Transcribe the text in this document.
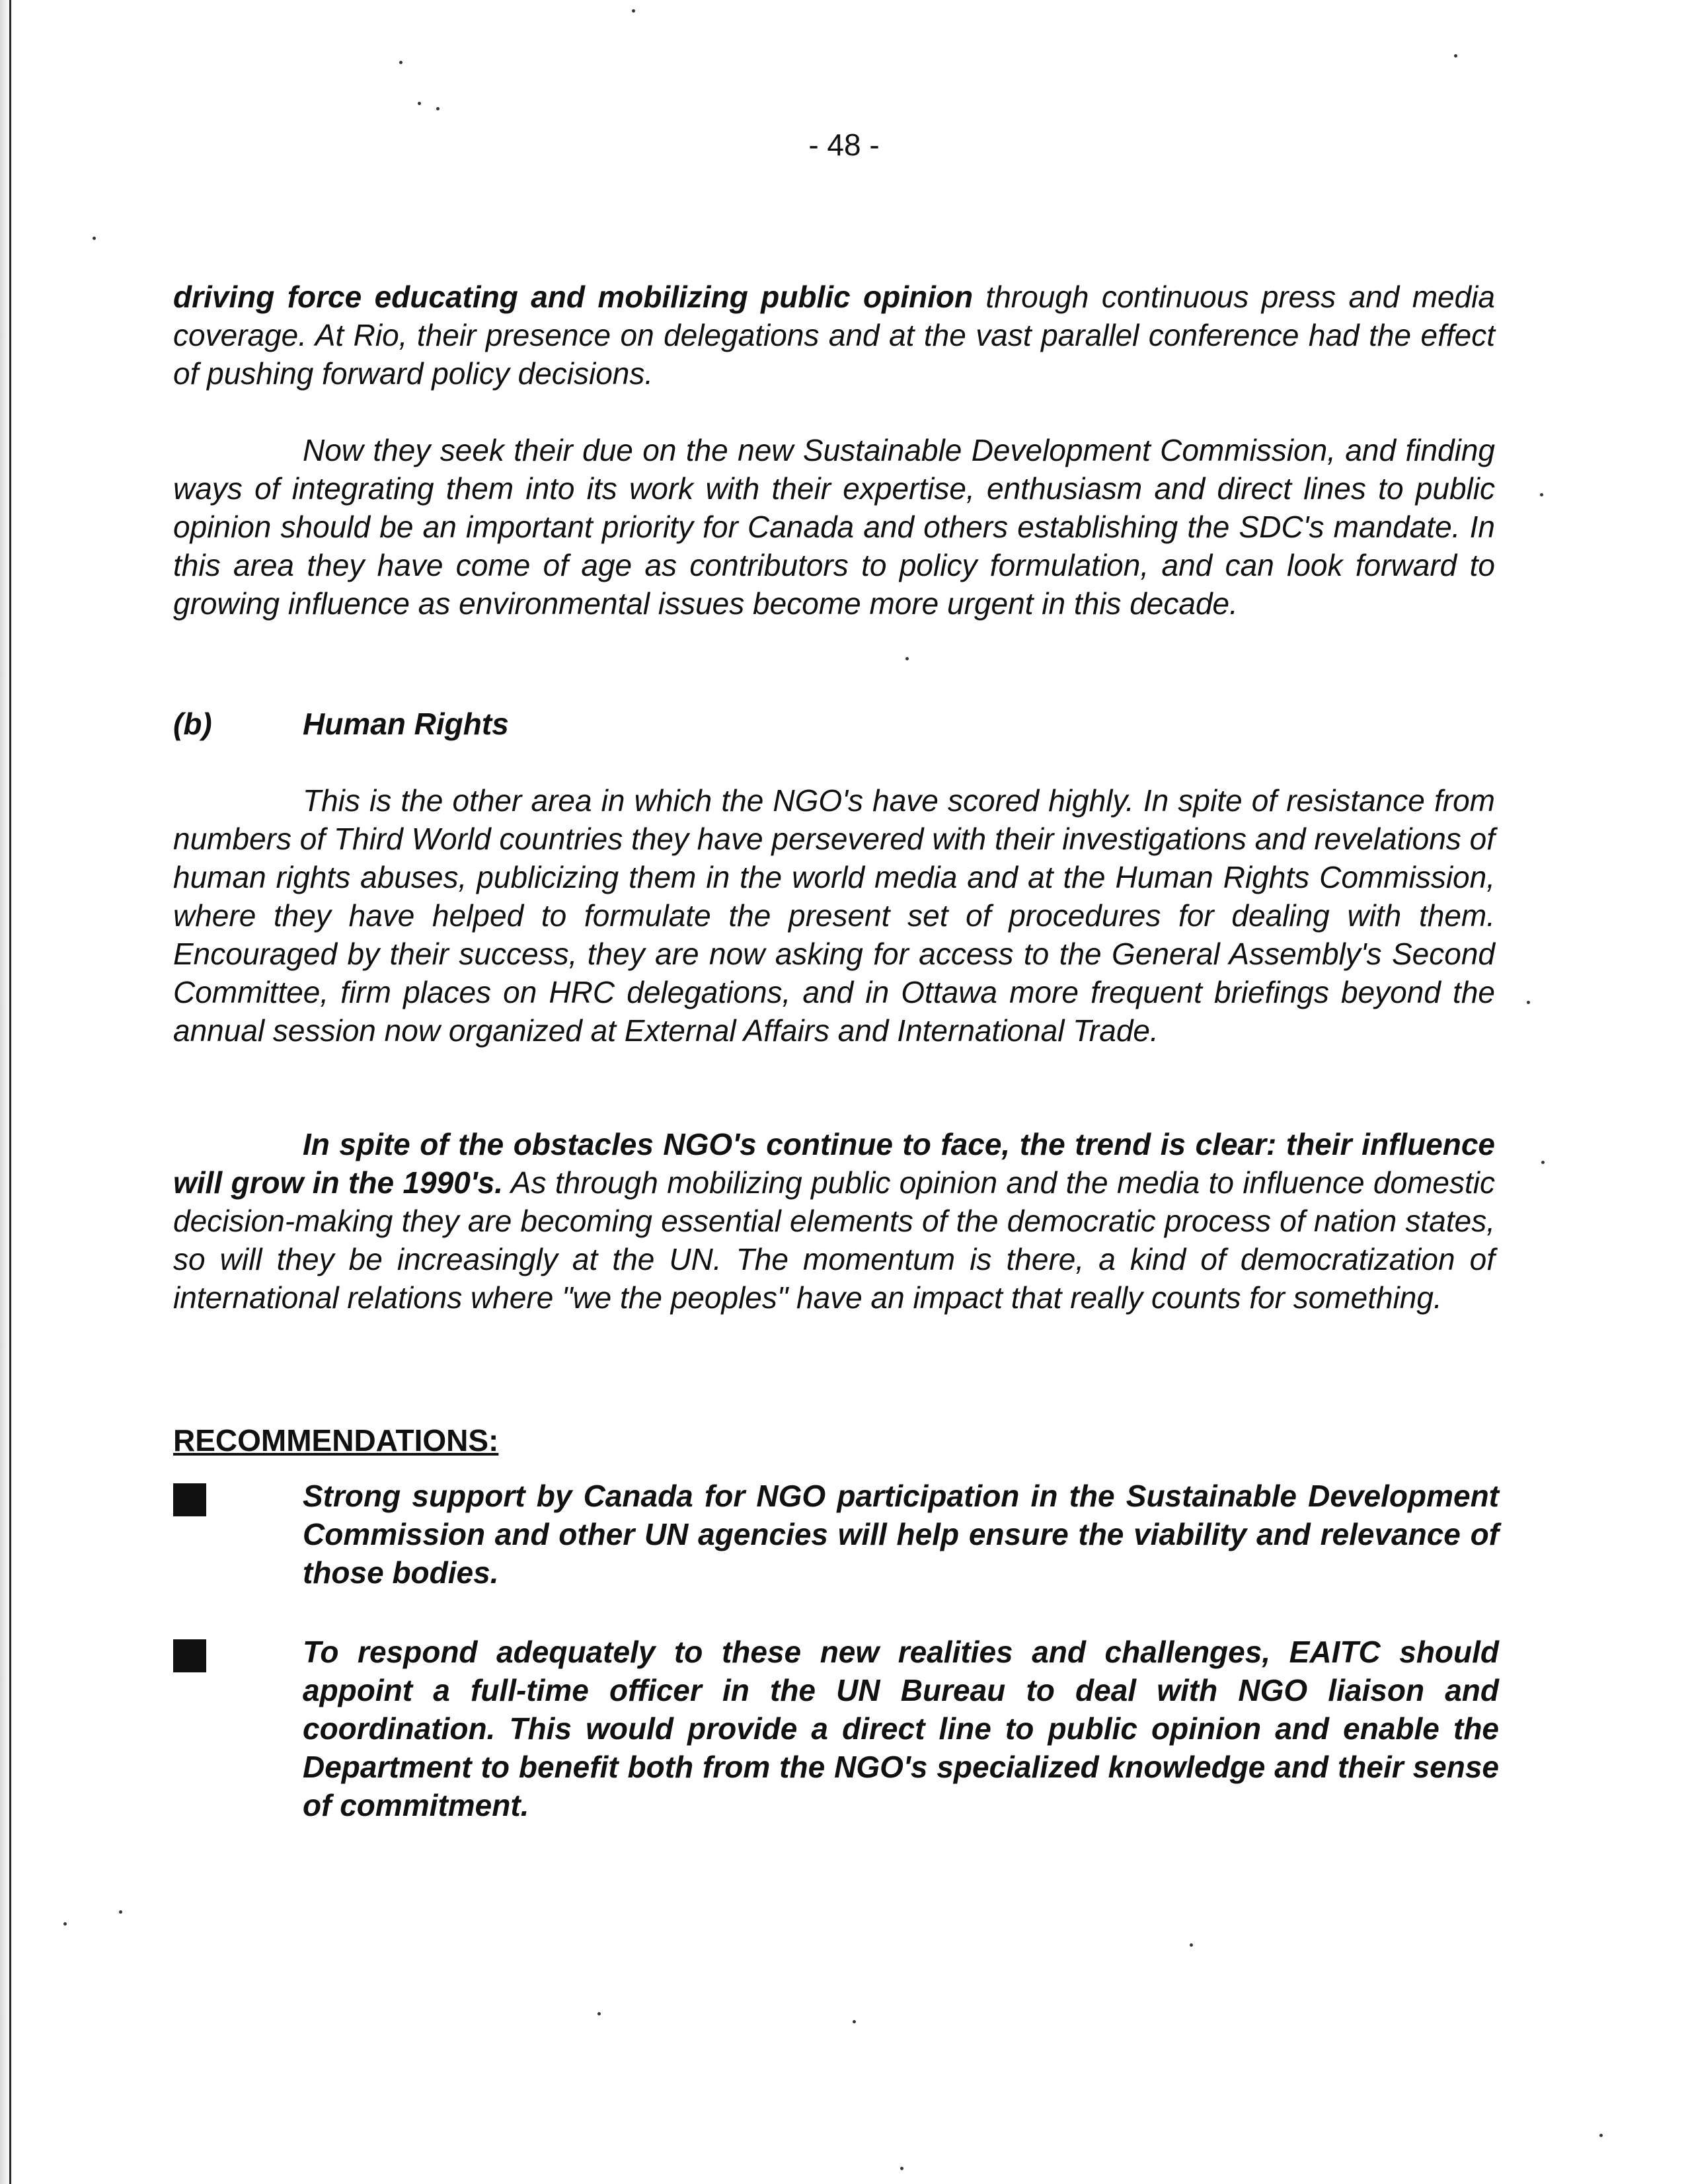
- 48 -

driving force educating and mobilizing public opinion through continuous press and media coverage. At Rio, their presence on delegations and at the vast parallel conference had the effect of pushing forward policy decisions.

Now they seek their due on the new Sustainable Development Commission, and finding ways of integrating them into its work with their expertise, enthusiasm and direct lines to public opinion should be an important priority for Canada and others establishing the SDC's mandate. In this area they have come of age as contributors to policy formulation, and can look forward to growing influence as environmental issues become more urgent in this decade.

(b)	Human Rights

This is the other area in which the NGO's have scored highly. In spite of resistance from numbers of Third World countries they have persevered with their investigations and revelations of human rights abuses, publicizing them in the world media and at the Human Rights Commission, where they have helped to formulate the present set of procedures for dealing with them. Encouraged by their success, they are now asking for access to the General Assembly's Second Committee, firm places on HRC delegations, and in Ottawa more frequent briefings beyond the annual session now organized at External Affairs and International Trade.

In spite of the obstacles NGO's continue to face, the trend is clear: their influence will grow in the 1990's. As through mobilizing public opinion and the media to influence domestic decision-making they are becoming essential elements of the democratic process of nation states, so will they be increasingly at the UN. The momentum is there, a kind of democratization of international relations where "we the peoples" have an impact that really counts for something.

RECOMMENDATIONS:

Strong support by Canada for NGO participation in the Sustainable Development Commission and other UN agencies will help ensure the viability and relevance of those bodies.

To respond adequately to these new realities and challenges, EAITC should appoint a full-time officer in the UN Bureau to deal with NGO liaison and coordination. This would provide a direct line to public opinion and enable the Department to benefit both from the NGO's specialized knowledge and their sense of commitment.
